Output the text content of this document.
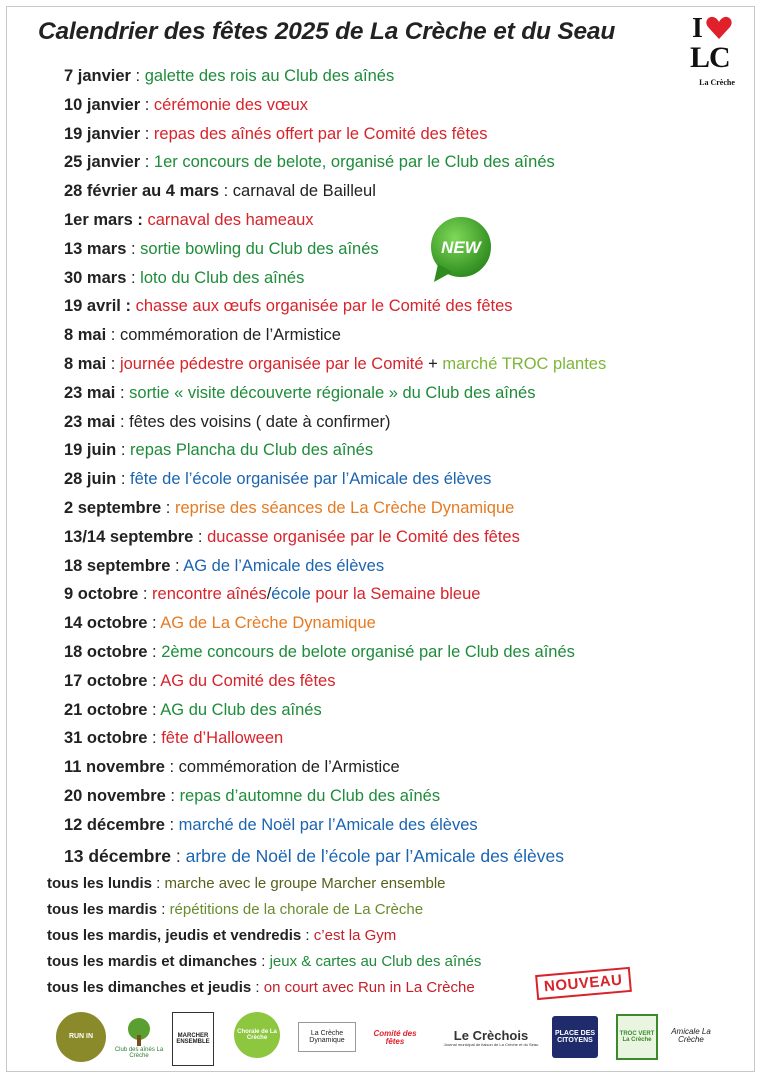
Calendrier des fêtes 2025 de La Crèche et du Seau	I
LC
La Crèche
7 janvier : galette des rois au Club des aînés
10 janvier : cérémonie des vœux
19 janvier : repas des aînés offert par le Comité des fêtes
25 janvier : 1er concours de belote, organisé par le Club des aînés
28 février au 4 mars : carnaval de Bailleul
1er mars : carnaval des hameaux
13 mars : sortie bowling du Club des aînés
30 mars : loto du Club des aînés
19 avril : chasse aux œufs organisée par le Comité des fêtes
8 mai : commémoration de l’Armistice
8 mai : journée pédestre organisée par le Comité + marché TROC plantes
23 mai : sortie « visite découverte régionale » du Club des aînés
23 mai : fêtes des voisins ( date à confirmer)
19 juin : repas Plancha du Club des aînés
28 juin : fête de l’école organisée par l’Amicale des élèves
2 septembre : reprise des séances de La Crèche Dynamique
13/14 septembre : ducasse organisée par le Comité des fêtes
18 septembre : AG de l’Amicale des élèves
9 octobre : rencontre aînés/école pour la Semaine bleue
14 octobre : AG de La Crèche Dynamique
18 octobre : 2ème concours de belote organisé par le Club des aînés
17 octobre : AG du Comité des fêtes
21 octobre : AG du Club des aînés
31 octobre : fête d’Halloween
11 novembre : commémoration de l’Armistice
20 novembre : repas d’automne du Club des aînés
12 décembre : marché de Noël par l’Amicale des élèves
13 décembre : arbre de Noël de l’école par l’Amicale des élèves
NEW
tous les lundis : marche avec le groupe Marcher ensemble
tous les mardis : répétitions de la chorale de La Crèche
tous les mardis, jeudis et vendredis : c’est la Gym
tous les mardis et dimanches : jeux & cartes au Club des aînés
tous les dimanches et jeudis : on court avec Run in La Crèche	NOUVEAU
RUN IN
Club des aînés La Crèche
MARCHER ENSEMBLE
Chorale de La Crèche
La Crèche Dynamique
Comité des fêtes	Le Crèchois
Journal municipal de liaison de La Crèche et du Seau
PLACE DES CITOYENS
TROC VERT La Crèche
Amicale La Crèche
